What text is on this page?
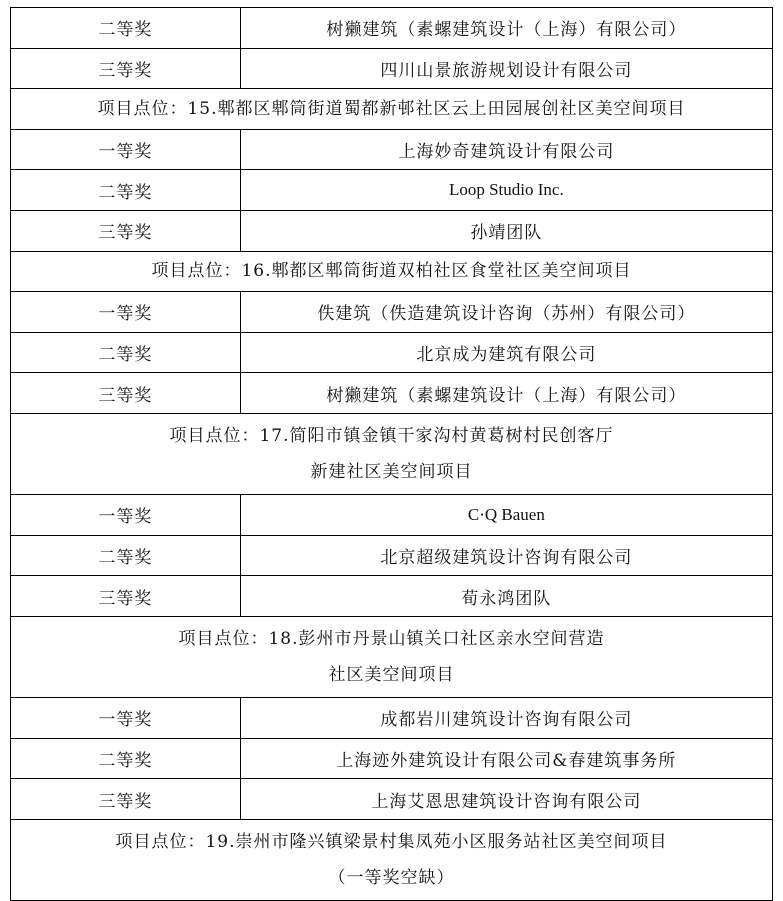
二等奖	树獭建筑（素螺建筑设计（上海）有限公司）
三等奖	四川山景旅游规划设计有限公司
项目点位：15.郫都区郫筒街道蜀都新邨社区云上田园展创社区美空间项目
一等奖	上海妙奇建筑设计有限公司
二等奖	Loop Studio Inc.
三等奖	孙靖团队
项目点位：16.郫都区郫筒街道双柏社区食堂社区美空间项目
一等奖	佚建筑（佚造建筑设计咨询（苏州）有限公司）
二等奖	北京成为建筑有限公司
三等奖	树獭建筑（素螺建筑设计（上海）有限公司）
项目点位：17.简阳市镇金镇干家沟村黄葛树村民创客厅
新建社区美空间项目
一等奖	C·Q Bauen
二等奖	北京超级建筑设计咨询有限公司
三等奖	荀永鸿团队
项目点位：18.彭州市丹景山镇关口社区亲水空间营造
社区美空间项目
一等奖	成都岩川建筑设计咨询有限公司
二等奖	上海迹外建筑设计有限公司&春建筑事务所
三等奖	上海艾恩思建筑设计咨询有限公司
项目点位：19.崇州市隆兴镇梁景村集凤苑小区服务站社区美空间项目
（一等奖空缺）
